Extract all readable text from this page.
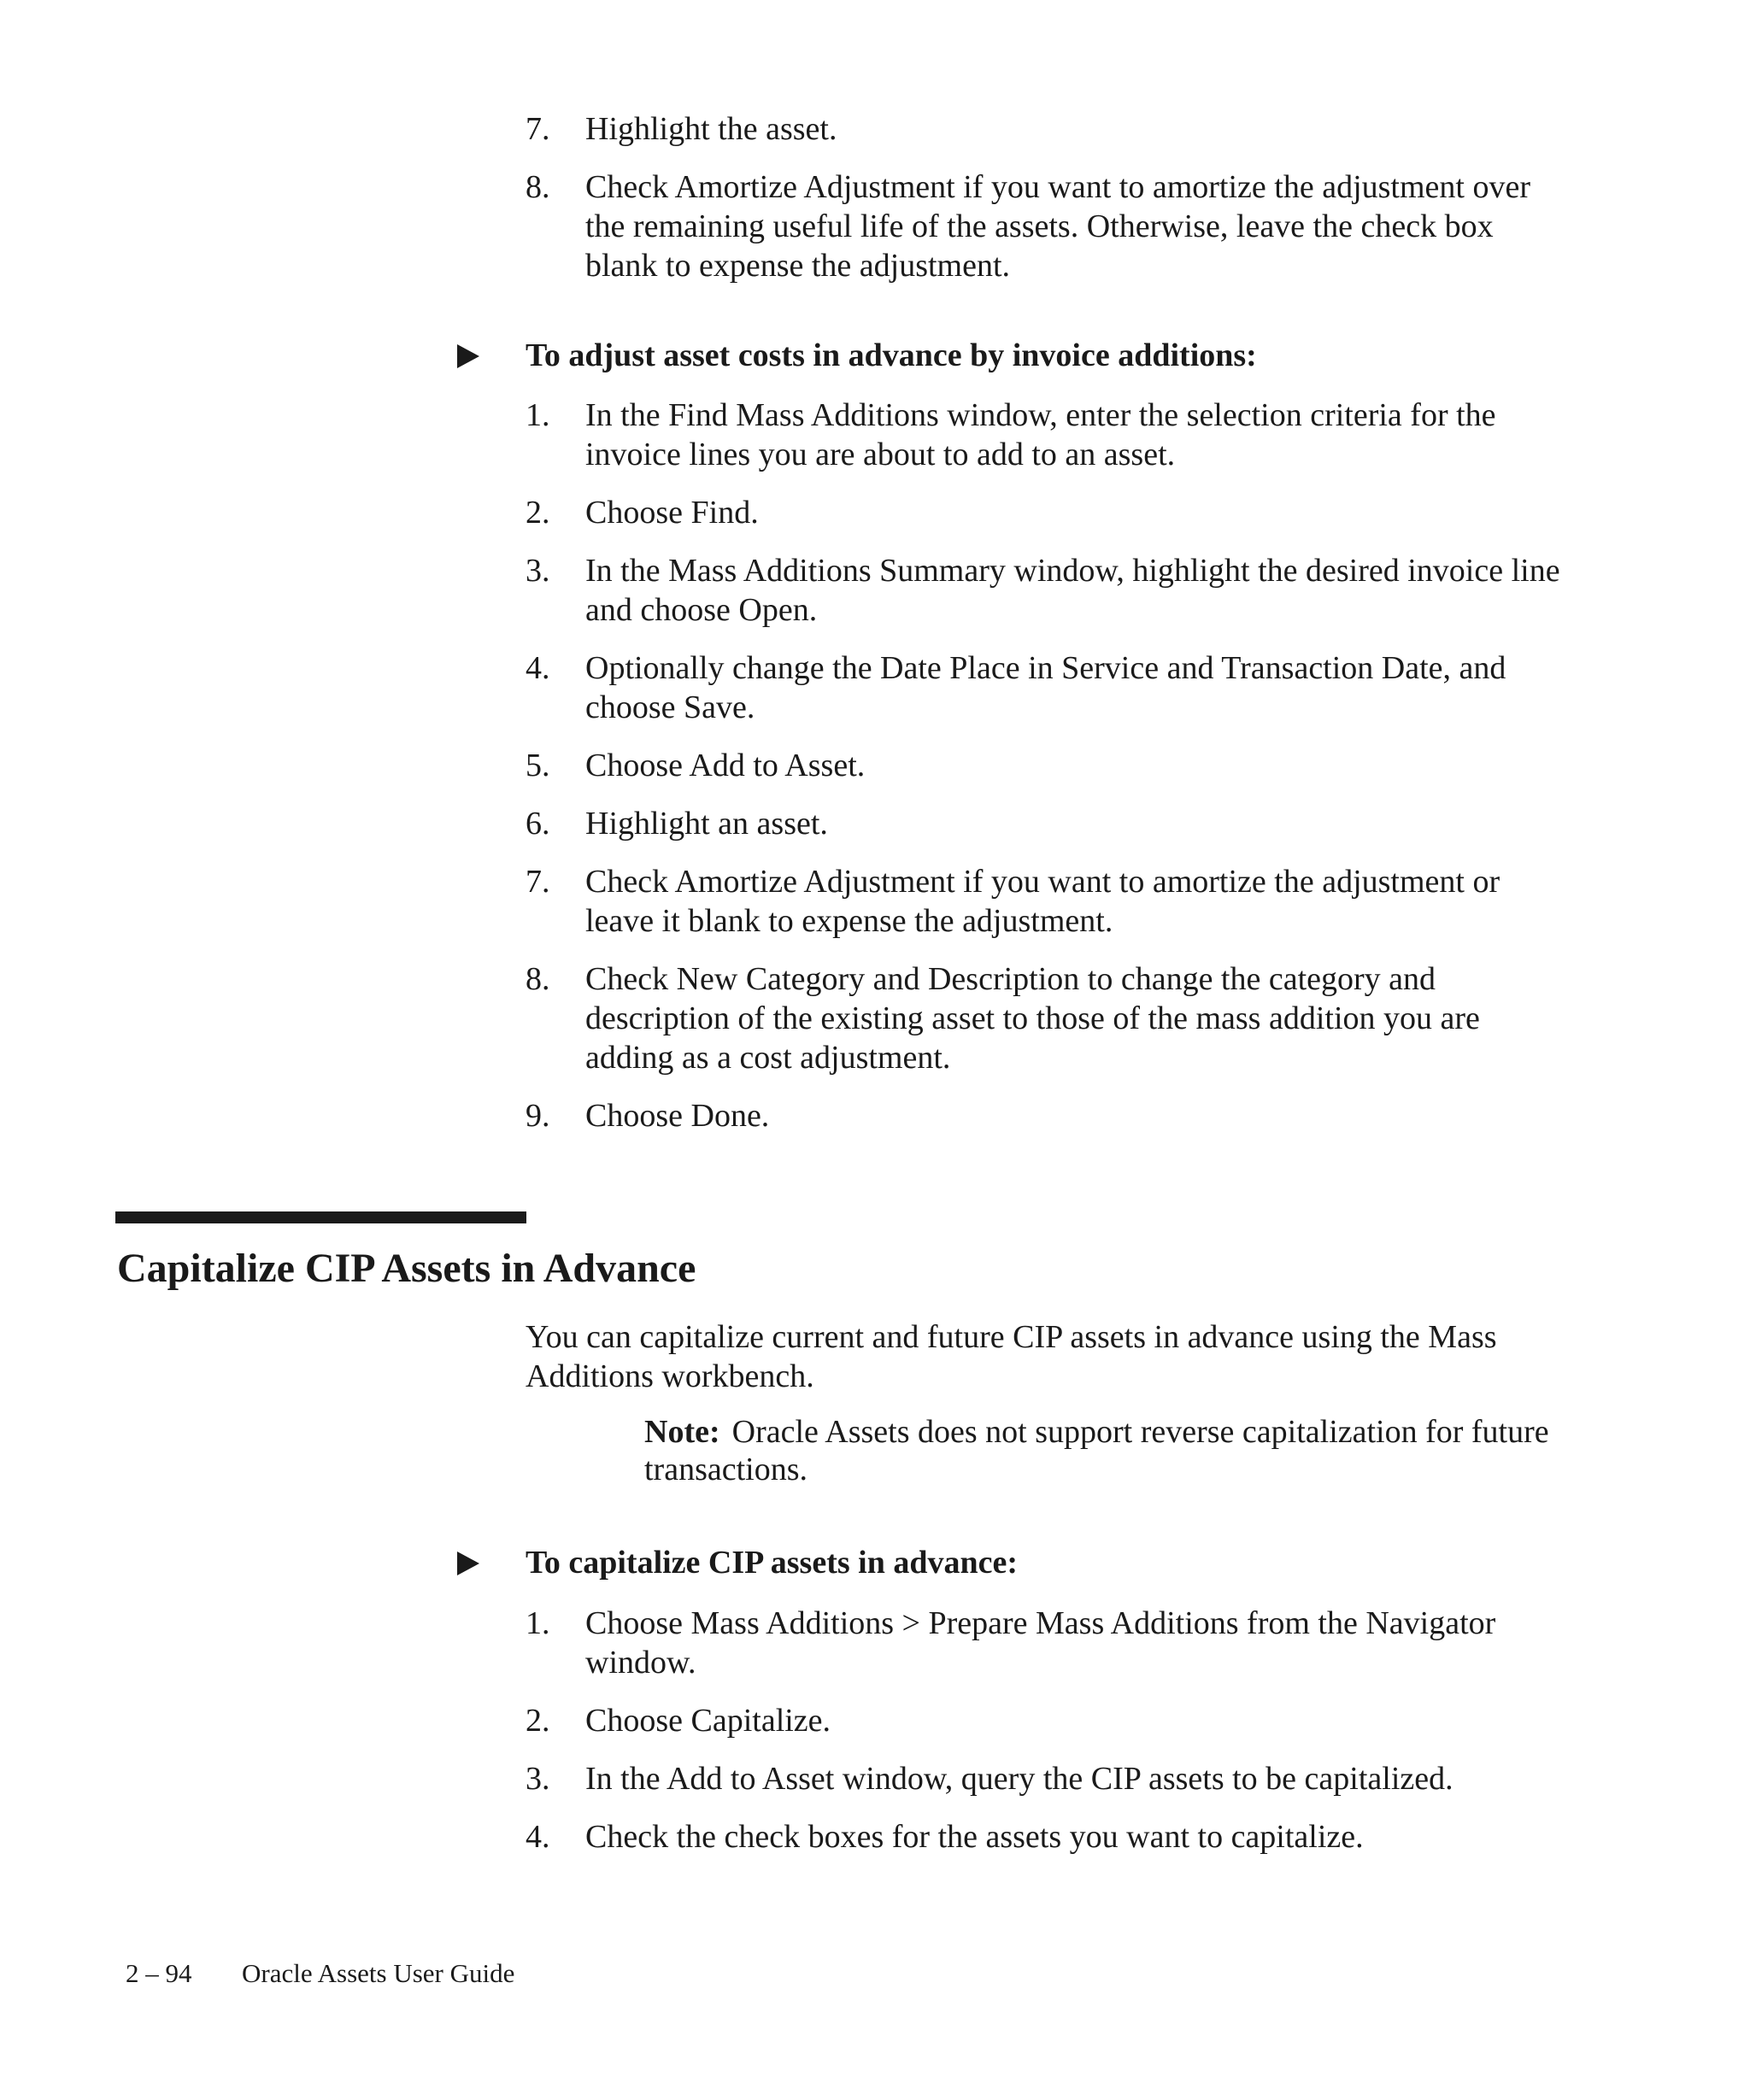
7.	Highlight the asset.
8.	Check Amortize Adjustment if you want to amortize the adjustment over the remaining useful life of the assets. Otherwise, leave the check box blank to expense the adjustment.
To adjust asset costs in advance by invoice additions:
1.	In the Find Mass Additions window, enter the selection criteria for the invoice lines you are about to add to an asset.
2.	Choose Find.
3.	In the Mass Additions Summary window, highlight the desired invoice line and choose Open.
4.	Optionally change the Date Place in Service and Transaction Date, and choose Save.
5.	Choose Add to Asset.
6.	Highlight an asset.
7.	Check Amortize Adjustment if you want to amortize the adjustment or leave it blank to expense the adjustment.
8.	Check New Category and Description to change the category and description of the existing asset to those of the mass addition you are adding as a cost adjustment.
9.	Choose Done.
Capitalize CIP Assets in Advance
You can capitalize current and future CIP assets in advance using the Mass Additions workbench.
Note: Oracle Assets does not support reverse capitalization for future transactions.
To capitalize CIP assets in advance:
1.	Choose Mass Additions > Prepare Mass Additions from the Navigator window.
2.	Choose Capitalize.
3.	In the Add to Asset window, query the CIP assets to be capitalized.
4.	Check the check boxes for the assets you want to capitalize.
2 – 94 Oracle Assets User Guide
